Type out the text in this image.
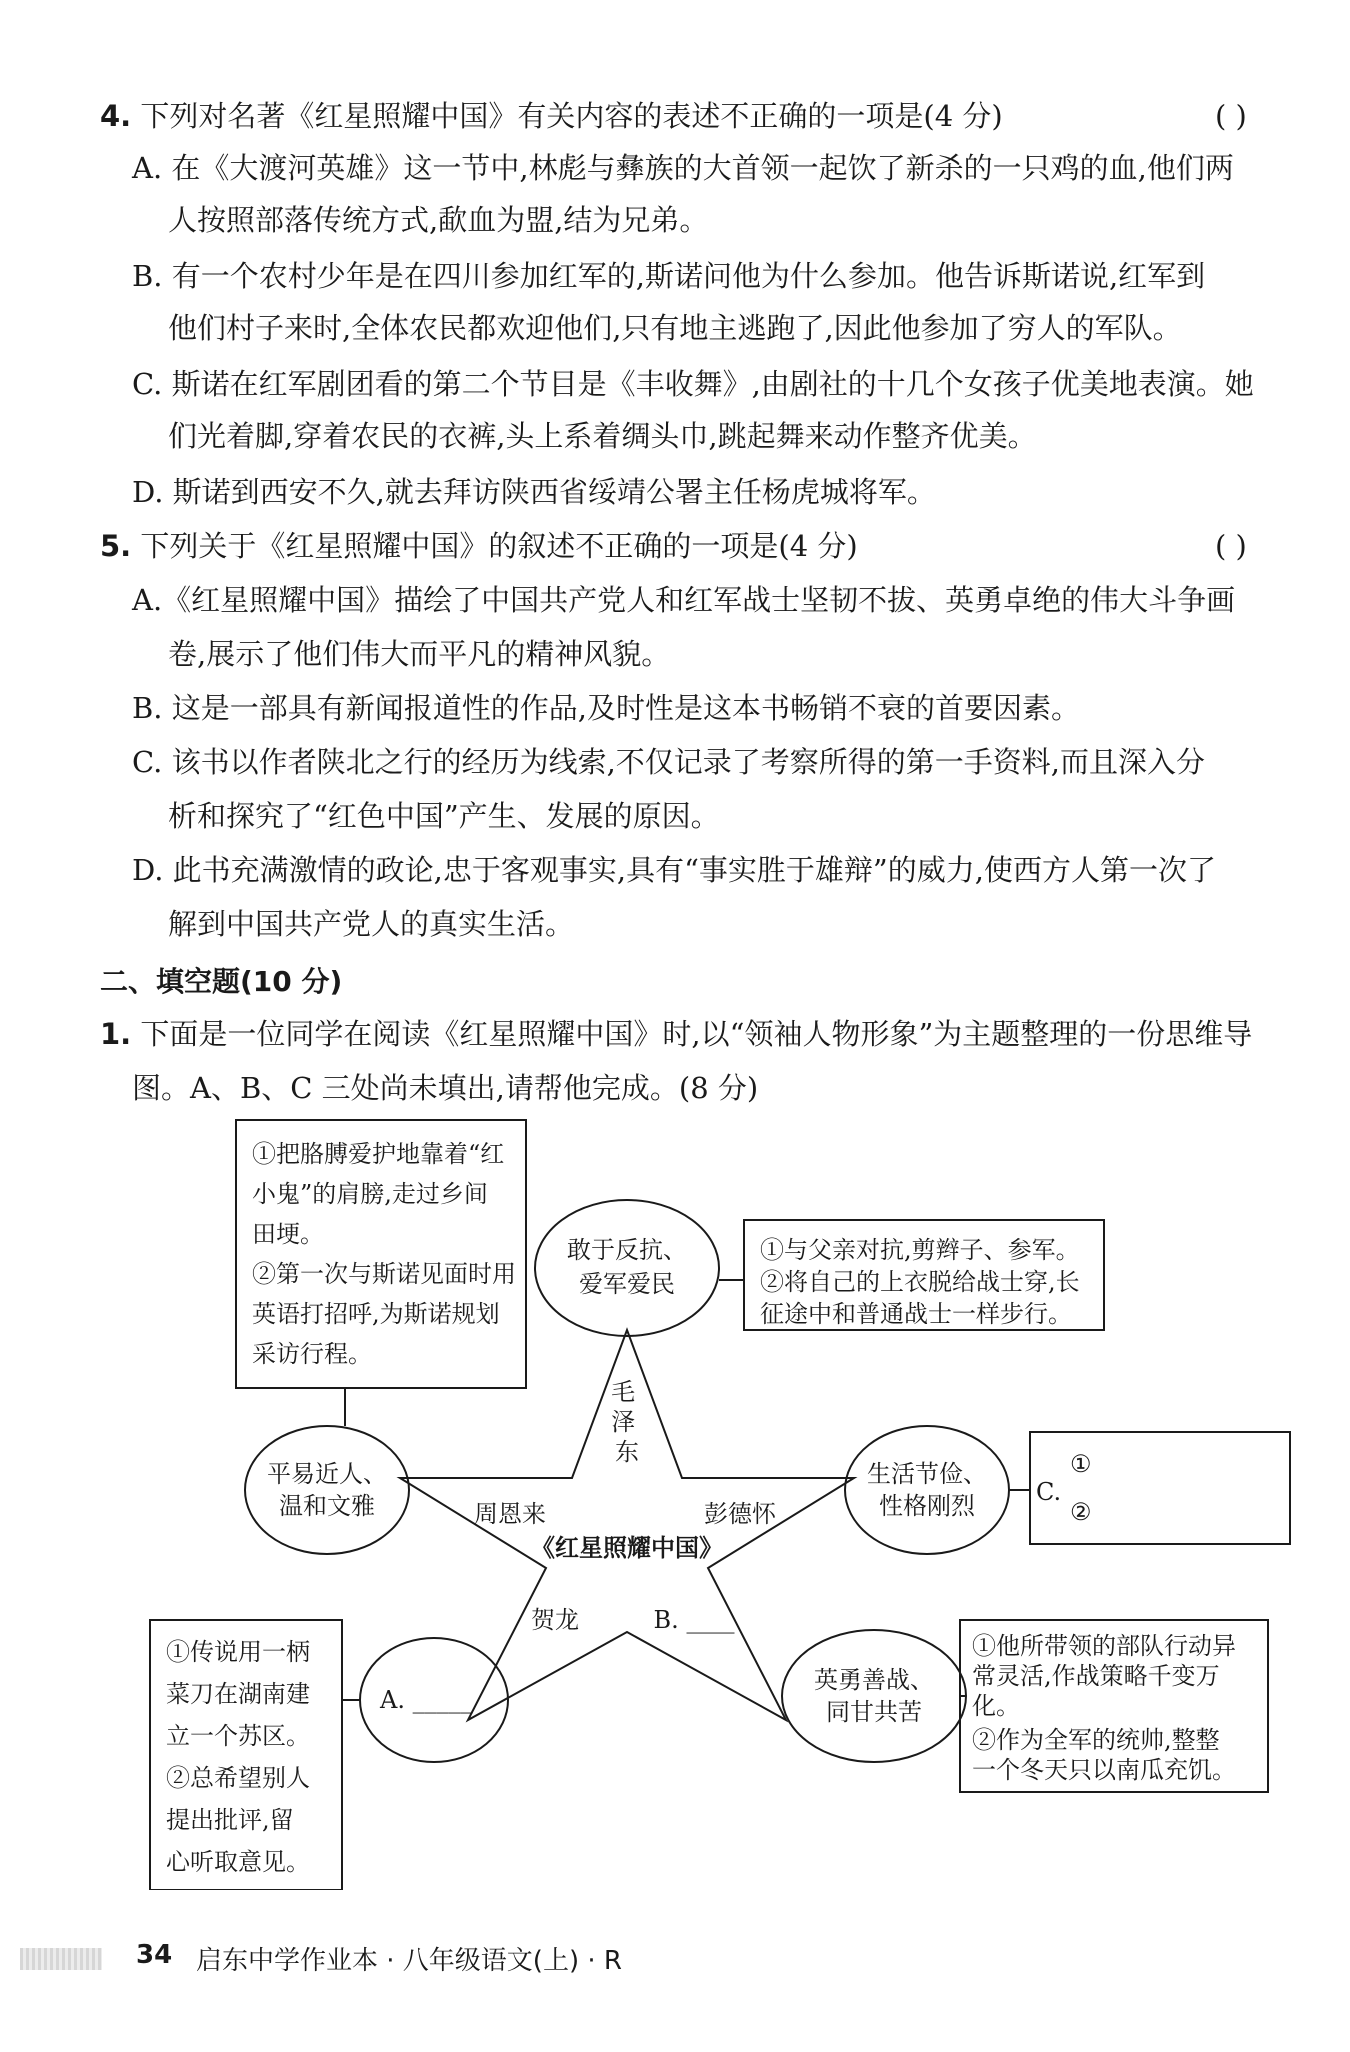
4. 下列对名著《红星照耀中国》有关内容的表述不正确的一项是(4 分)	( )
A. 在《大渡河英雄》这一节中,林彪与彝族的大首领一起饮了新杀的一只鸡的血,他们两
人按照部落传统方式,歃血为盟,结为兄弟。
B. 有一个农村少年是在四川参加红军的,斯诺问他为什么参加。他告诉斯诺说,红军到
他们村子来时,全体农民都欢迎他们,只有地主逃跑了,因此他参加了穷人的军队。
C. 斯诺在红军剧团看的第二个节目是《丰收舞》,由剧社的十几个女孩子优美地表演。她
们光着脚,穿着农民的衣裤,头上系着绸头巾,跳起舞来动作整齐优美。
D. 斯诺到西安不久,就去拜访陕西省绥靖公署主任杨虎城将军。
5. 下列关于《红星照耀中国》的叙述不正确的一项是(4 分)	( )
A.《红星照耀中国》描绘了中国共产党人和红军战士坚韧不拔、英勇卓绝的伟大斗争画
卷,展示了他们伟大而平凡的精神风貌。
B. 这是一部具有新闻报道性的作品,及时性是这本书畅销不衰的首要因素。
C. 该书以作者陕北之行的经历为线索,不仅记录了考察所得的第一手资料,而且深入分
析和探究了“红色中国”产生、发展的原因。
D. 此书充满激情的政论,忠于客观事实,具有“事实胜于雄辩”的威力,使西方人第一次了
解到中国共产党人的真实生活。
二、填空题(10 分)
1. 下面是一位同学在阅读《红星照耀中国》时,以“领袖人物形象”为主题整理的一份思维导
图。A、B、C 三处尚未填出,请帮他完成。(8 分)
①把胳膊爱护地靠着“红
小鬼”的肩膀,走过乡间
田埂。
②第一次与斯诺见面时用
英语打招呼,为斯诺规划
采访行程。
敢于反抗、
爱军爱民
①与父亲对抗,剪辫子、参军。
②将自己的上衣脱给战士穿,长
征途中和普通战士一样步行。
毛 泽 东
周恩来	彭德怀
《红星照耀中国》
贺龙	B. ____
平易近人、
温和文雅
生活节俭、
性格刚烈	C.
①
②
A. _____
①传说用一柄
菜刀在湖南建
立一个苏区。
②总希望别人
提出批评,留
心听取意见。
英勇善战、
同甘共苦
①他所带领的部队行动异
常灵活,作战策略千变万
化。
②作为全军的统帅,整整
一个冬天只以南瓜充饥。
34 启东中学作业本 · 八年级语文(上) · R
